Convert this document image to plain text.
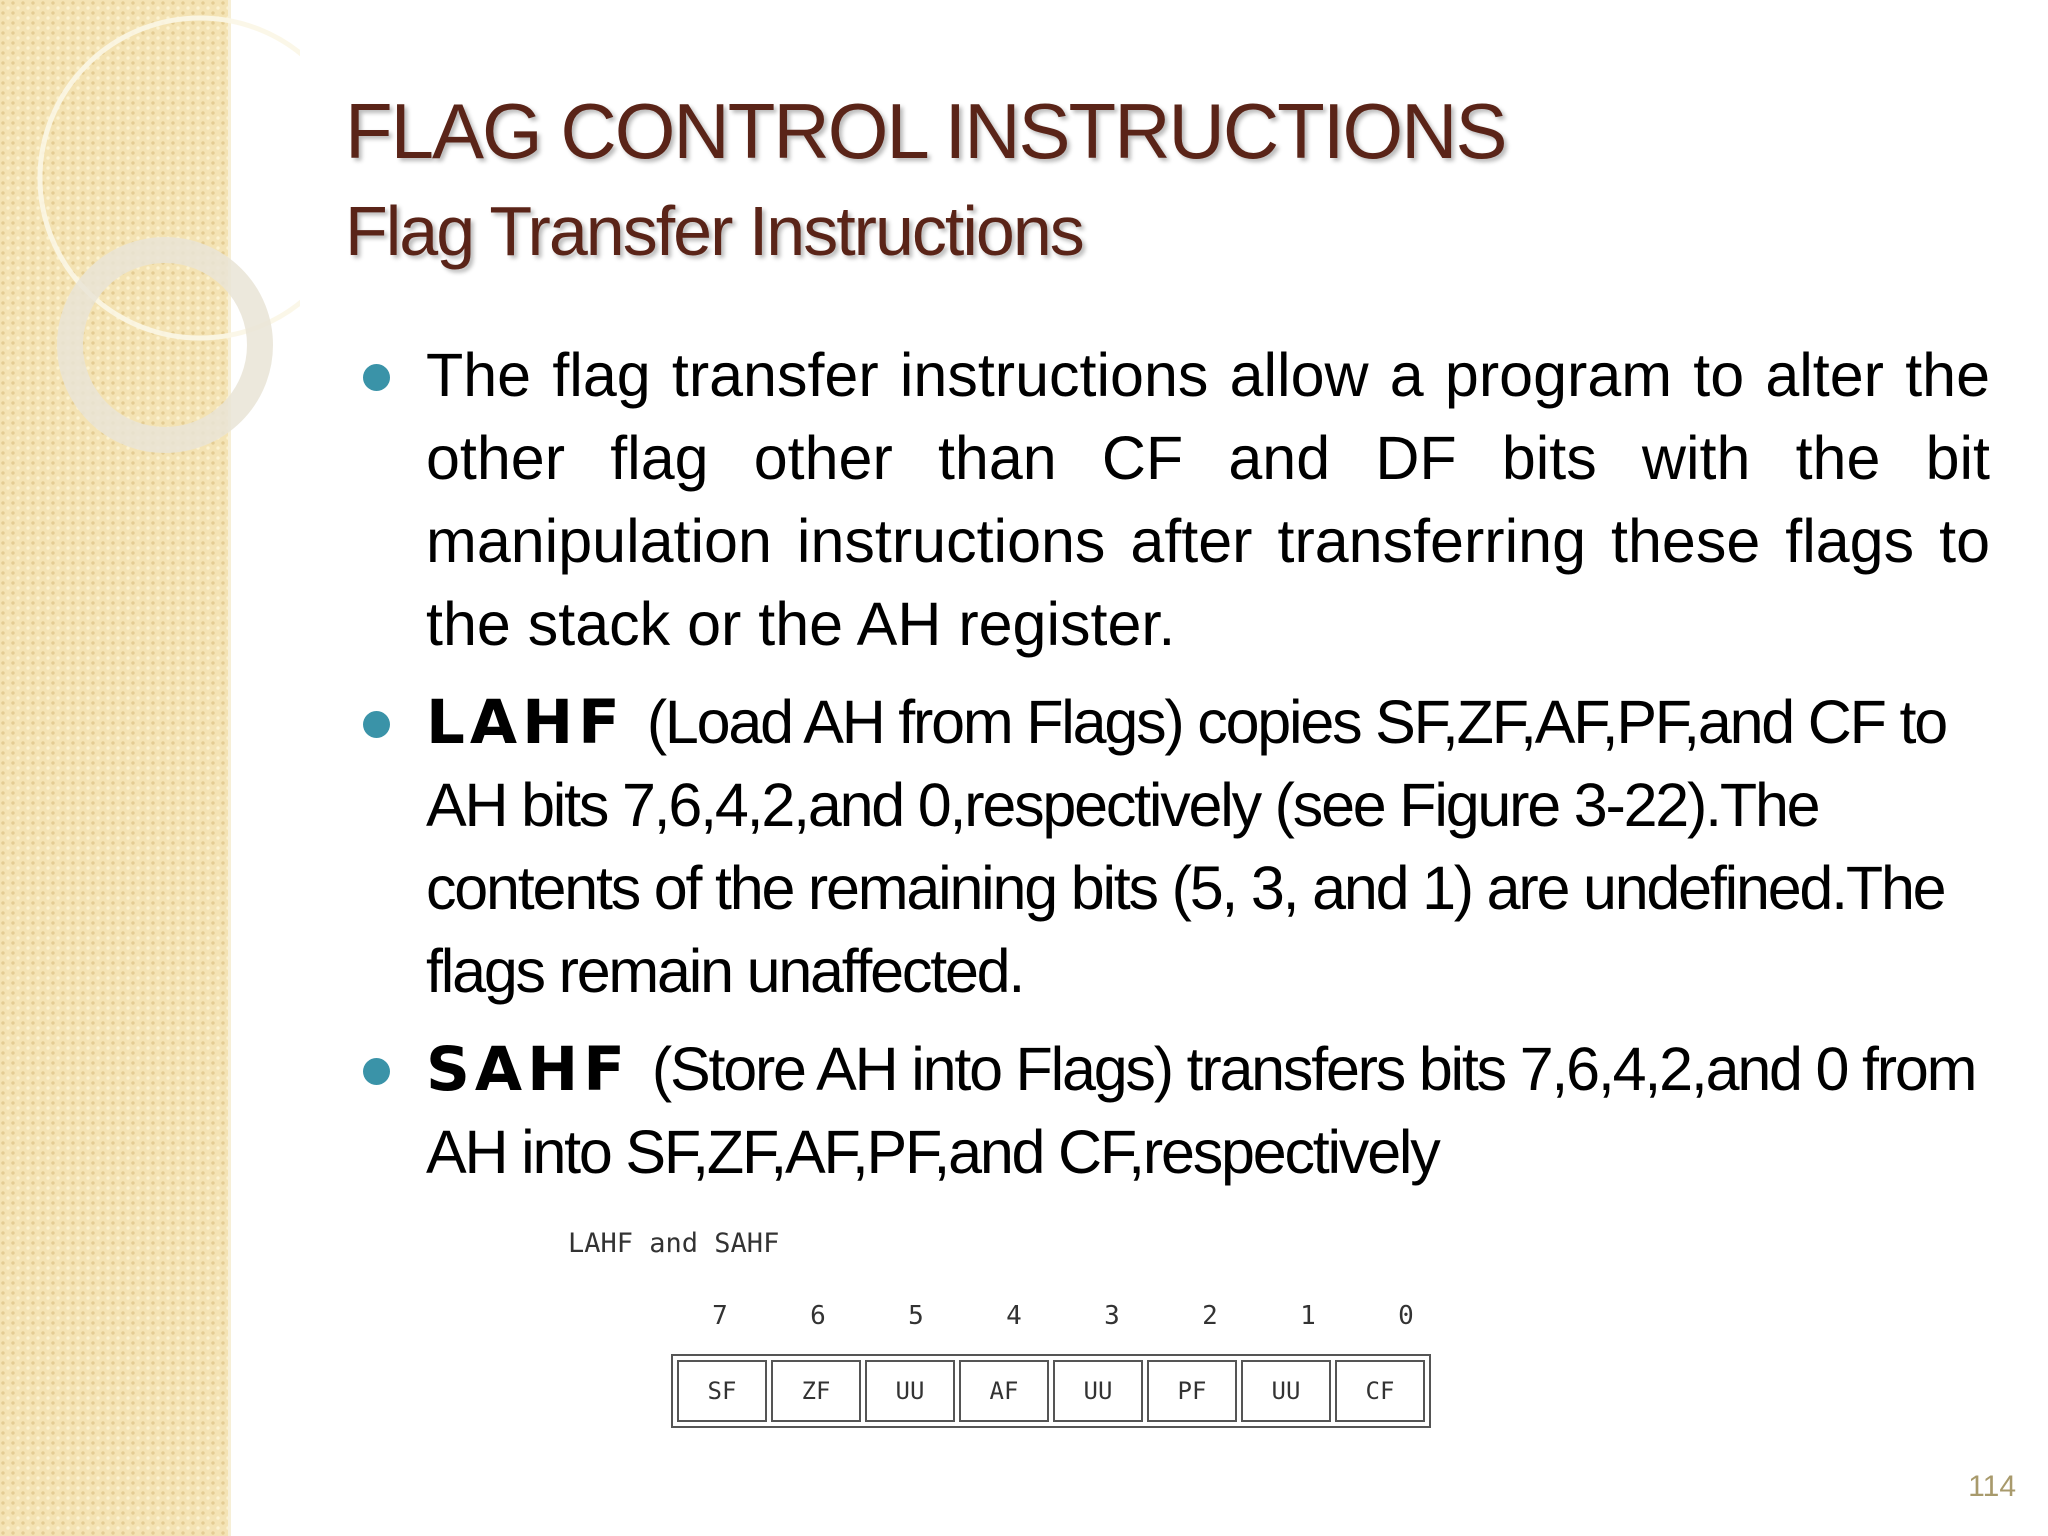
FLAG CONTROL INSTRUCTIONS
Flag Transfer Instructions
The flag transfer instructions allow a program to alter the other flag other than CF and DF bits with the bit manipulation instructions after transferring these flags to the stack or the AH register.
LAHF (Load AH from Flags) copies SF,ZF,AF,PF,and CF to AH bits 7,6,4,2,and 0,respectively (see Figure 3-22).The contents of the remaining bits (5, 3, and 1) are undefined.The flags remain unaffected.
SAHF (Store AH into Flags) transfers bits 7,6,4,2,and 0 from AH into SF,ZF,AF,PF,and CF,respectively
LAHF and SAHF
7	6	5	4	3	2	1	0
SF	ZF	UU	AF	UU	PF	UU	CF
114
